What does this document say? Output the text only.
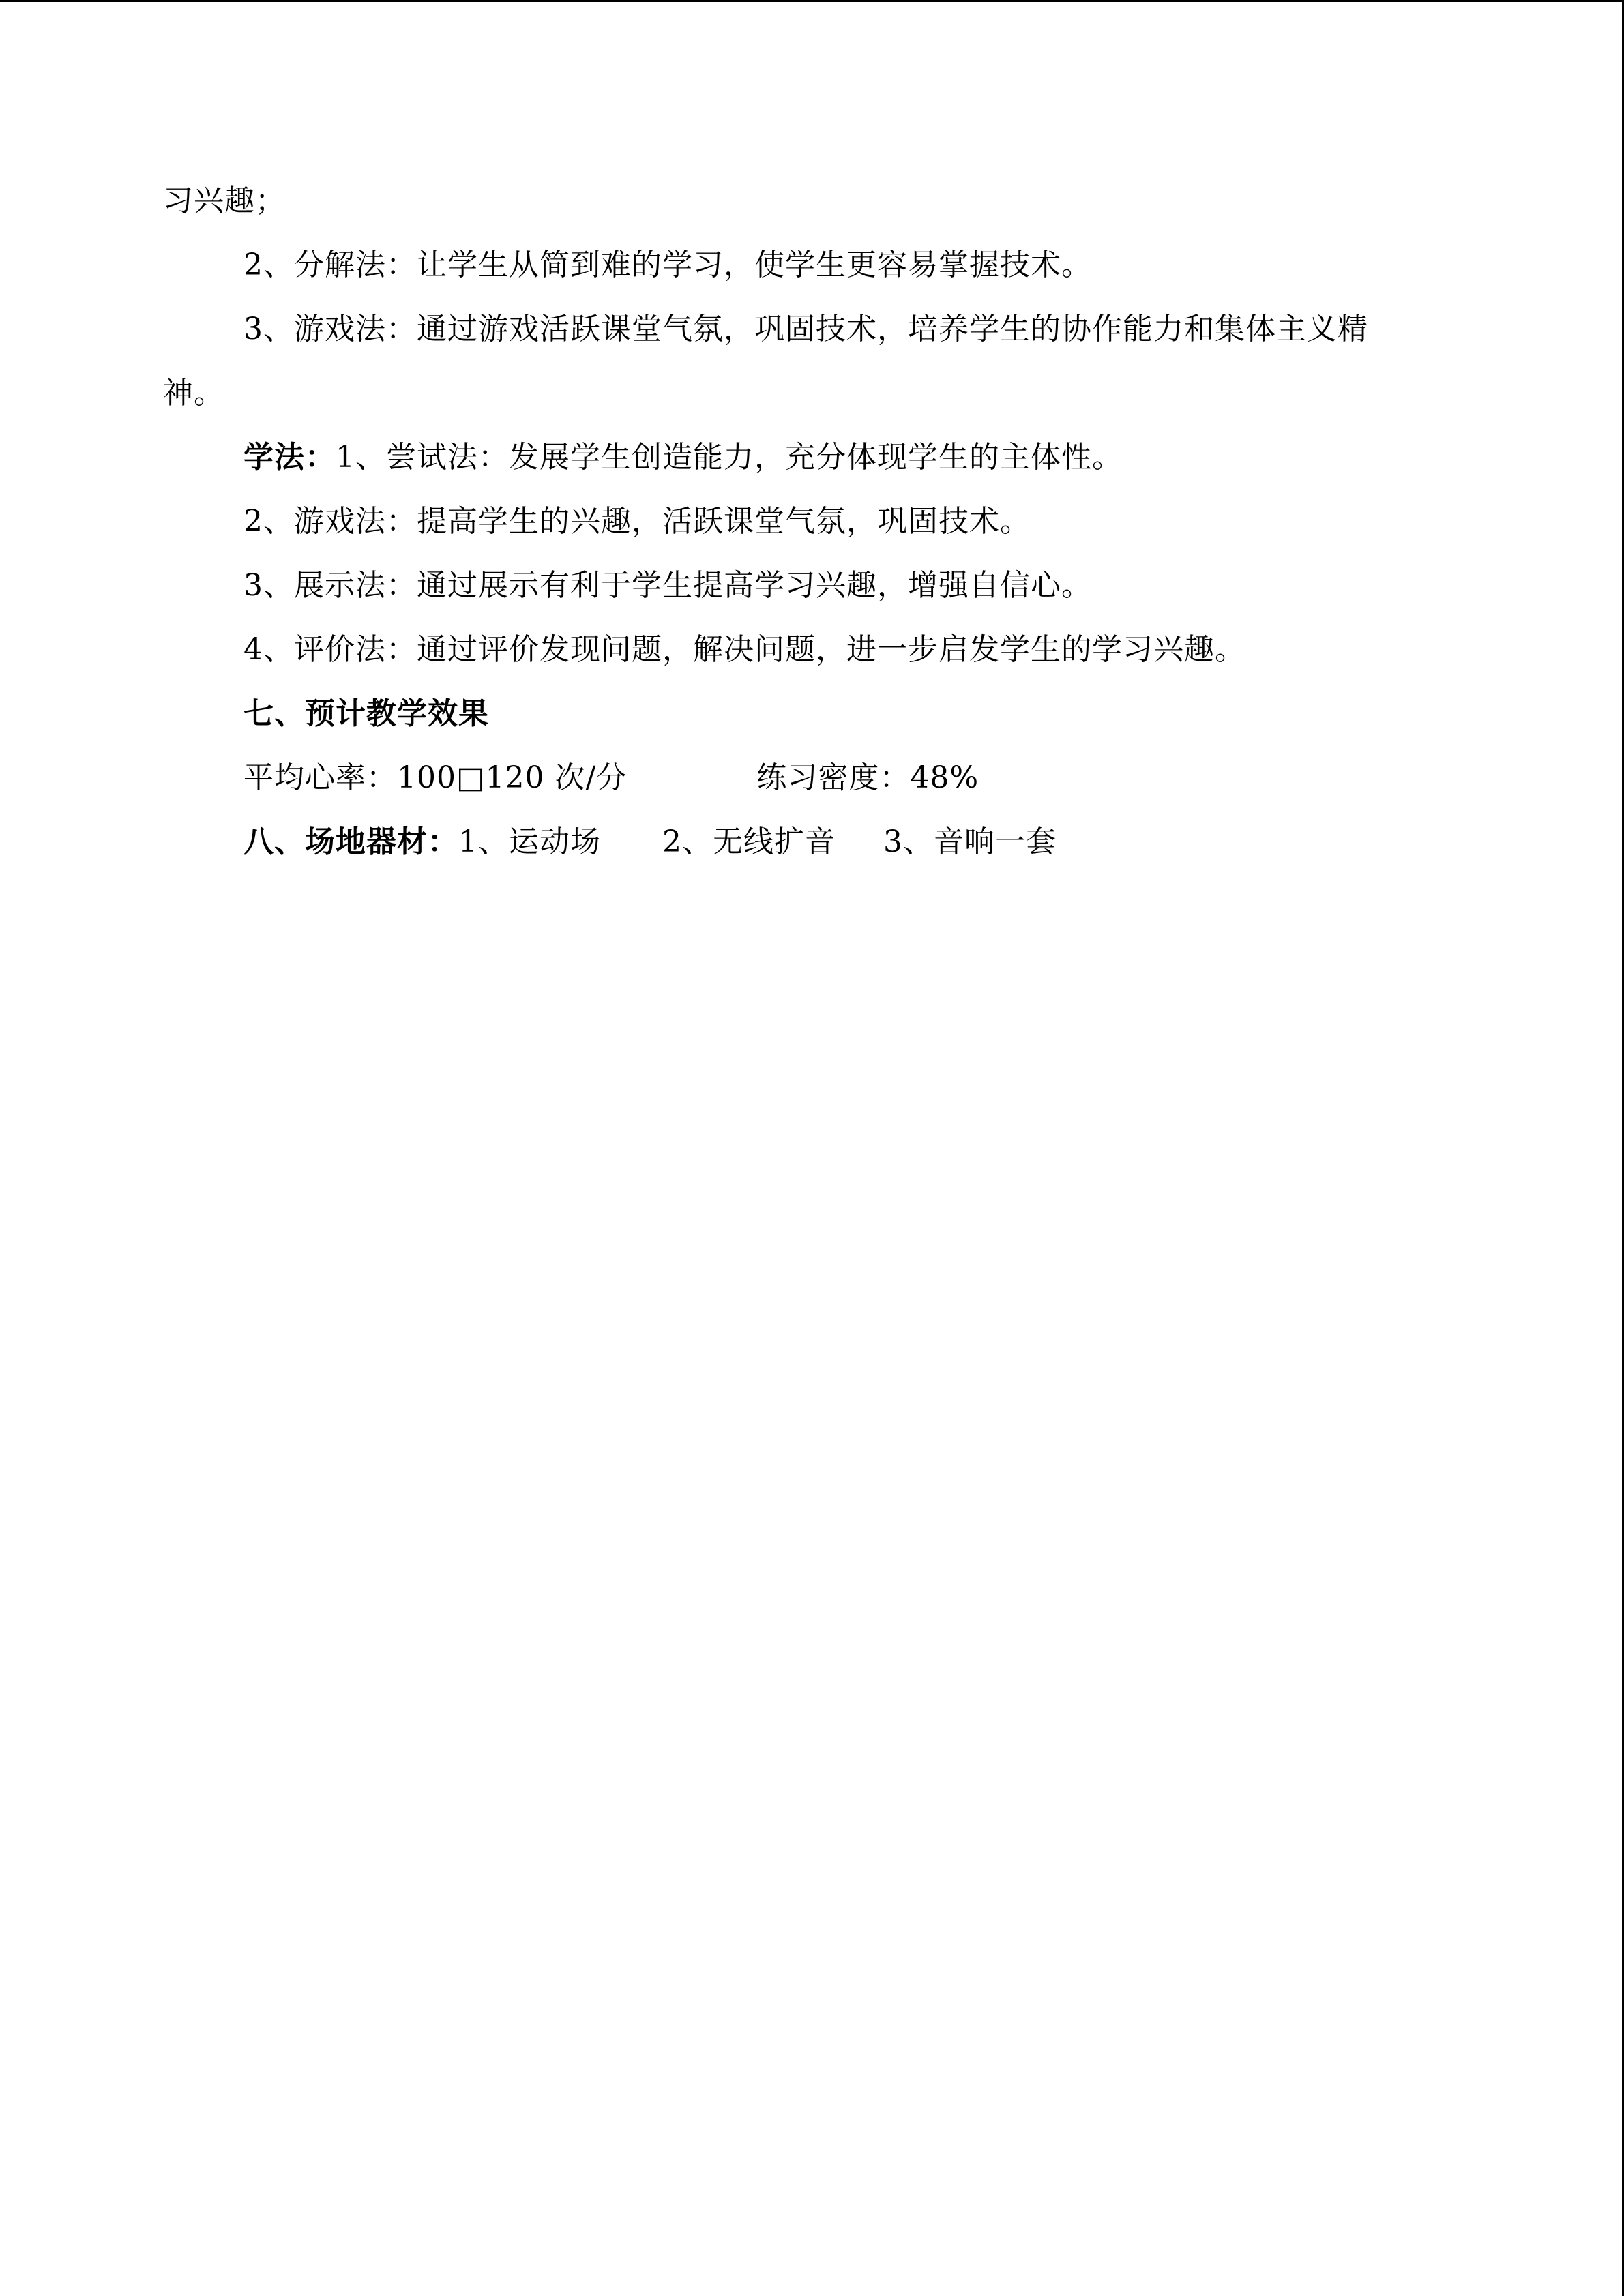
习兴趣；
2、分解法：让学生从简到难的学习，使学生更容易掌握技术。
3、游戏法：通过游戏活跃课堂气氛，巩固技术，培养学生的协作能力和集体主义精
神。
学法：1、尝试法：发展学生创造能力，充分体现学生的主体性。
2、游戏法：提高学生的兴趣，活跃课堂气氛，巩固技术。
3、展示法：通过展示有利于学生提高学习兴趣，增强自信心。
4、评价法：通过评价发现问题，解决问题，进一步启发学生的学习兴趣。
七、预计教学效果
平均心率：100□120 次/分	练习密度：48%
八、场地器材：1、运动场 2、无线扩音 3、音响一套
